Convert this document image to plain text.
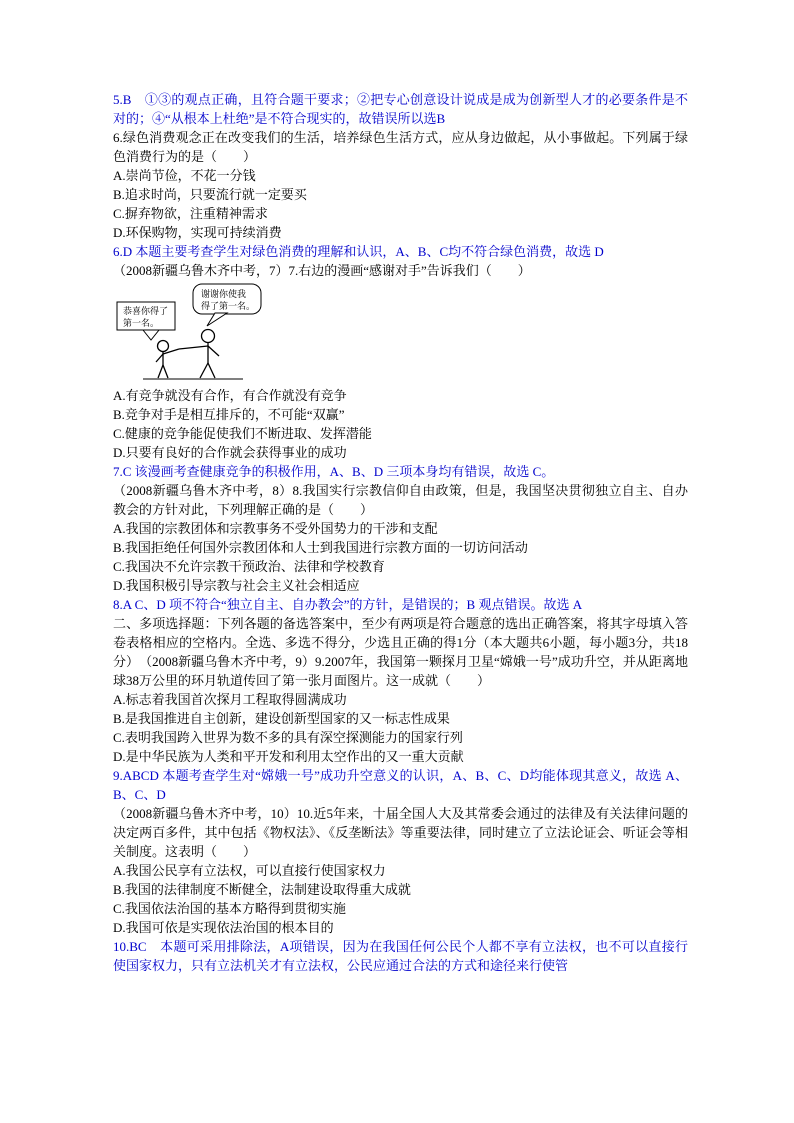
5.B　①③的观点正确，且符合题干要求；②把专心创意设计说成是成为创新型人才的必要条件是不对的；④“从根本上杜绝”是不符合现实的，故错误所以选B
6.绿色消费观念正在改变我们的生活，培养绿色生活方式，应从身边做起，从小事做起。下列属于绿色消费行为的是（　　）
A.崇尚节俭，不花一分钱
B.追求时尚，只要流行就一定要买
C.摒弃物欲，注重精神需求
D.环保购物，实现可持续消费
6.D 本题主要考查学生对绿色消费的理解和认识，A、B、C均不符合绿色消费，故选 D
（2008新疆乌鲁木齐中考，7）7.右边的漫画“感谢对手”告诉我们（　　）
谢谢你使我
得了第一名。
恭喜你得了
第一名。
A.有竞争就没有合作，有合作就没有竞争
B.竞争对手是相互排斥的，不可能“双赢”
C.健康的竞争能促使我们不断进取、发挥潜能
D.只要有良好的合作就会获得事业的成功
7.C 该漫画考查健康竞争的积极作用，A、B、D 三项本身均有错误，故选 C。
（2008新疆乌鲁木齐中考，8）8.我国实行宗教信仰自由政策，但是，我国坚决贯彻独立自主、自办教会的方针对此，下列理解正确的是（　　）
A.我国的宗教团体和宗教事务不受外国势力的干涉和支配
B.我国拒绝任何国外宗教团体和人士到我国进行宗教方面的一切访问活动
C.我国决不允许宗教干预政治、法律和学校教育
D.我国积极引导宗教与社会主义社会相适应
8.A C、D 项不符合“独立自主、自办教会”的方针，是错误的；B 观点错误。故选 A
二、多项选择题：下列各题的备选答案中，至少有两项是符合题意的选出正确答案，将其字母填入答卷表格相应的空格内。全选、多选不得分，少选且正确的得1分（本大题共6小题，每小题3分，共18分）　（2008新疆乌鲁木齐中考，9）9.2007年，我国第一颗探月卫星“嫦娥一号”成功升空，并从距离地球38万公里的环月轨道传回了第一张月面图片。这一成就（　　）
A.标志着我国首次探月工程取得圆满成功
B.是我国推进自主创新，建设创新型国家的又一标志性成果
C.表明我国跨入世界为数不多的具有深空探测能力的国家行列
D.是中华民族为人类和平开发和利用太空作出的又一重大贡献
9.ABCD 本题考查学生对“嫦娥一号”成功升空意义的认识，A、B、C、D均能体现其意义，故选 A、B、C、D
（2008新疆乌鲁木齐中考，10）10.近5年来，十届全国人大及其常委会通过的法律及有关法律问题的决定两百多件，其中包括《物权法》、《反垄断法》等重要法律，同时建立了立法论证会、听证会等相关制度。这表明（　　）
A.我国公民享有立法权，可以直接行使国家权力
B.我国的法律制度不断健全，法制建设取得重大成就
C.我国依法治国的基本方略得到贯彻实施
D.我国可依是实现依法治国的根本目的
10.BC　本题可采用排除法，A项错误，因为在我国任何公民个人都不享有立法权，也不可以直接行使国家权力，只有立法机关才有立法权，公民应通过合法的方式和途径来行使管
